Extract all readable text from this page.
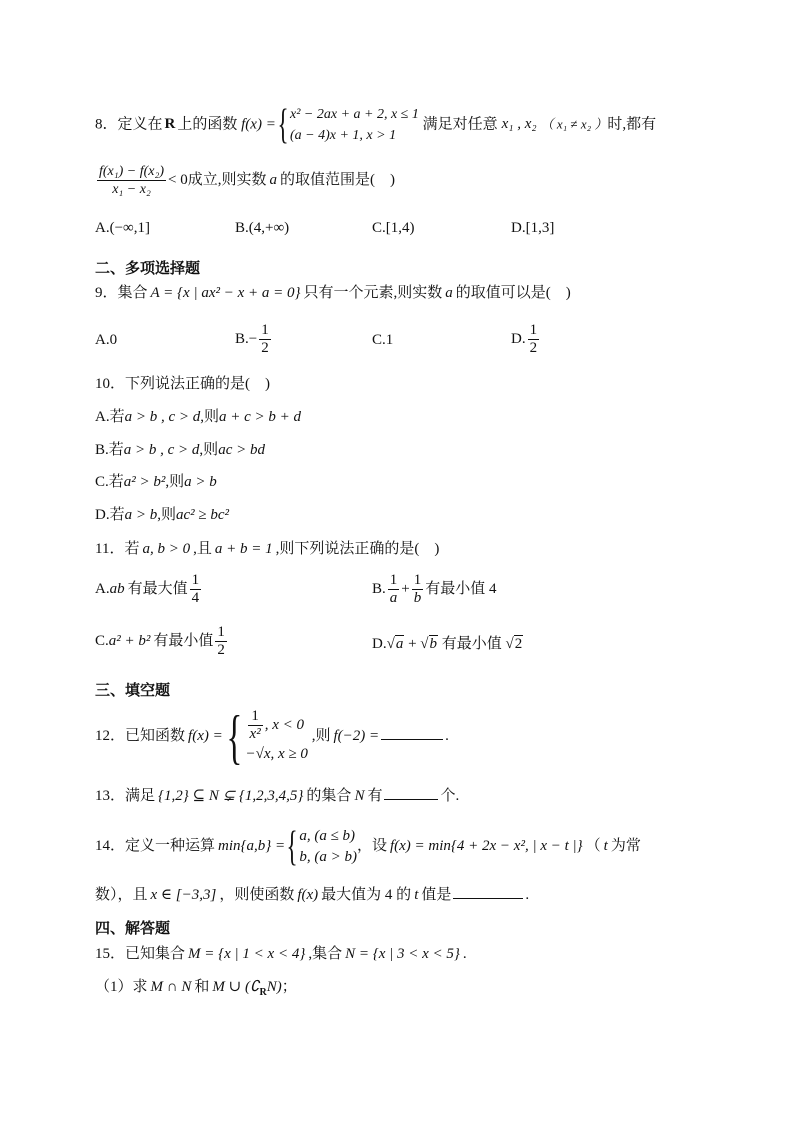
8．定义在 R 上的函数 f(x) ={ x² − 2ax + a + 2, x ≤ 1
(a − 4)x + 1, x > 1
满足对任意 x₁ , x₂ （ x₁ ≠ x₂ ）时,都有
$\frac{\text{f(x₁) − f(x₂)}}{\text{x₁ − x₂}} < 0$成立,则实数 a 的取值范围是(　)
A.(−∞,1]	B.(4,+∞)	C.[1,4)	D.[1,3]
二、多项选择题
9．集合 A = {x | ax² − x + a = 0} 只有一个元素,则实数 a 的取值可以是(　)
A.0	$B.- \frac{1}{2}$	C.1	D. $\frac{1}{2}$
10．下列说法正确的是(　)
A.若a > b , c > d,则a + c > b + d
B.若a > b , c > d,则ac > bd
C.若a² > b²,则a > b
D.若a > b,则ac² ≥ bc²
11．若 a, b > 0 ,且 a + b = 1 ,则下列说法正确的是(　)
A.ab 有最大值 $\frac{1}{4}$	B. $\frac{1}{a} + \frac{1}{b}$ 有最小值 4
C.a² + b² 有最小值 $\frac{1}{2}$	D.√a + √b 有最小值 √2
三、填空题
12．已知函数 f(x) ={ $\frac{1}{\text{x²}}$ , x < 0
−√x, x ≥ 0
,则 f(−2) =	.
13．满足 {1,2} ⊆ N ⊊ {1,2,3,4,5} 的集合 N 有	个.
14．定义一种运算 min{a,b} ={ a, (a ≤ b)
b, (a > b)
，设 f(x) = min{4 + 2x − x², | x − t |} （ t 为常
数），且 x ∈ [−3,3] ，则使函数 f(x) 最大值为 4 的 t 值是	.
四、解答题
15．已知集合 M = {x | 1 < x < 4} ,集合 N = {x | 3 < x < 5} .
（1）求 M ∩ N 和 M ∪ $(∁_RN)$；
